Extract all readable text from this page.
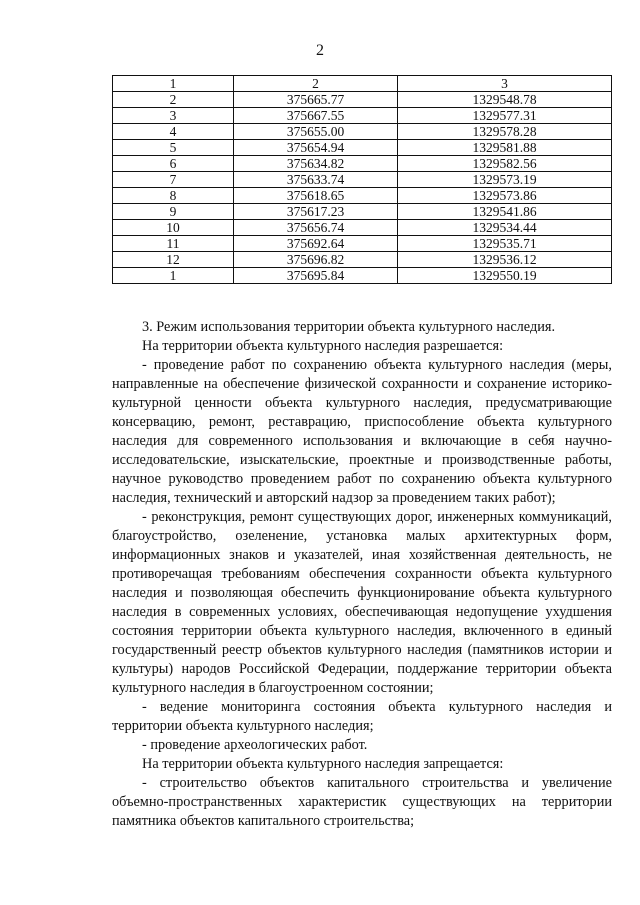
2
1	2	3
2	375665.77	1329548.78
3	375667.55	1329577.31
4	375655.00	1329578.28
5	375654.94	1329581.88
6	375634.82	1329582.56
7	375633.74	1329573.19
8	375618.65	1329573.86
9	375617.23	1329541.86
10	375656.74	1329534.44
11	375692.64	1329535.71
12	375696.82	1329536.12
1	375695.84	1329550.19

3. Режим использования территории объекта культурного наследия.

На территории объекта культурного наследия разрешается:

- проведение работ по сохранению объекта культурного наследия (меры, направленные на обеспечение физической сохранности и сохранение историко-культурной ценности объекта культурного наследия, предусматривающие консервацию, ремонт, реставрацию, приспособление объекта культурного наследия для современного использования и включающие в себя научно-исследовательские, изыскательские, проектные и производственные работы, научное руководство проведением работ по сохранению объекта культурного наследия, технический и авторский надзор за проведением таких работ);

- реконструкция, ремонт существующих дорог, инженерных коммуникаций, благоустройство, озеленение, установка малых архитектурных форм, информационных знаков и указателей, иная хозяйственная деятельность, не противоречащая требованиям обеспечения сохранности объекта культурного наследия и позволяющая обеспечить функционирование объекта культурного наследия в современных условиях, обеспечивающая недопущение ухудшения состояния территории объекта культурного наследия, включенного в единый государственный реестр объектов культурного наследия (памятников истории и культуры) народов Российской Федерации, поддержание территории объекта культурного наследия в благоустроенном состоянии;

- ведение мониторинга состояния объекта культурного наследия и территории объекта культурного наследия;

- проведение археологических работ.

На территории объекта культурного наследия запрещается:

- строительство объектов капитального строительства и увеличение объемно-пространственных характеристик существующих на территории памятника объектов капитального строительства;
